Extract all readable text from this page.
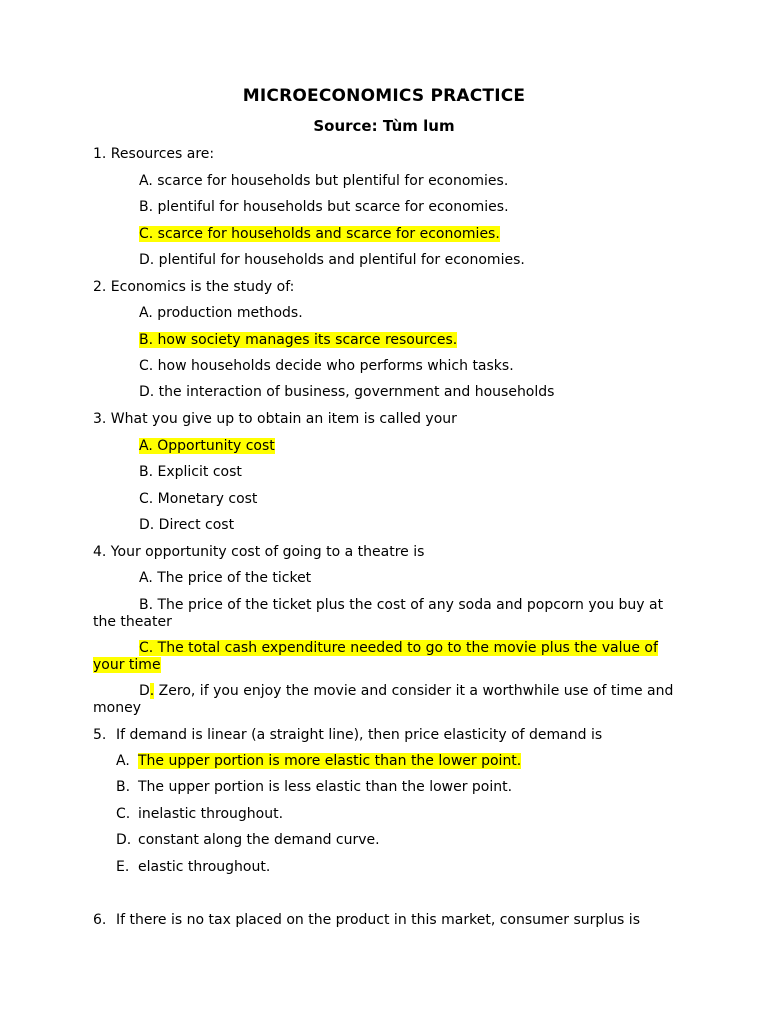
MICROECONOMICS PRACTICE
Source: Tùm lum
1. Resources are:
A. scarce for households but plentiful for economies.
B. plentiful for households but scarce for economies.
C. scarce for households and scarce for economies.
D. plentiful for households and plentiful for economies.
2. Economics is the study of:
A. production methods.
B. how society manages its scarce resources.
C. how households decide who performs which tasks.
D. the interaction of business, government and households
3. What you give up to obtain an item is called your
A. Opportunity cost
B. Explicit cost
C. Monetary cost
D. Direct cost
4. Your opportunity cost of going to a theatre is
A. The price of the ticket
B. The price of the ticket plus the cost of any soda and popcorn you buy at the theater
C. The total cash expenditure needed to go to the movie plus the value of your time
D. Zero, if you enjoy the movie and consider it a worthwhile use of time and money
5. If demand is linear (a straight line), then price elasticity of demand is
A. The upper portion is more elastic than the lower point.
B. The upper portion is less elastic than the lower point.
C. inelastic throughout.
D. constant along the demand curve.
E. elastic throughout.
6. If there is no tax placed on the product in this market, consumer surplus is
